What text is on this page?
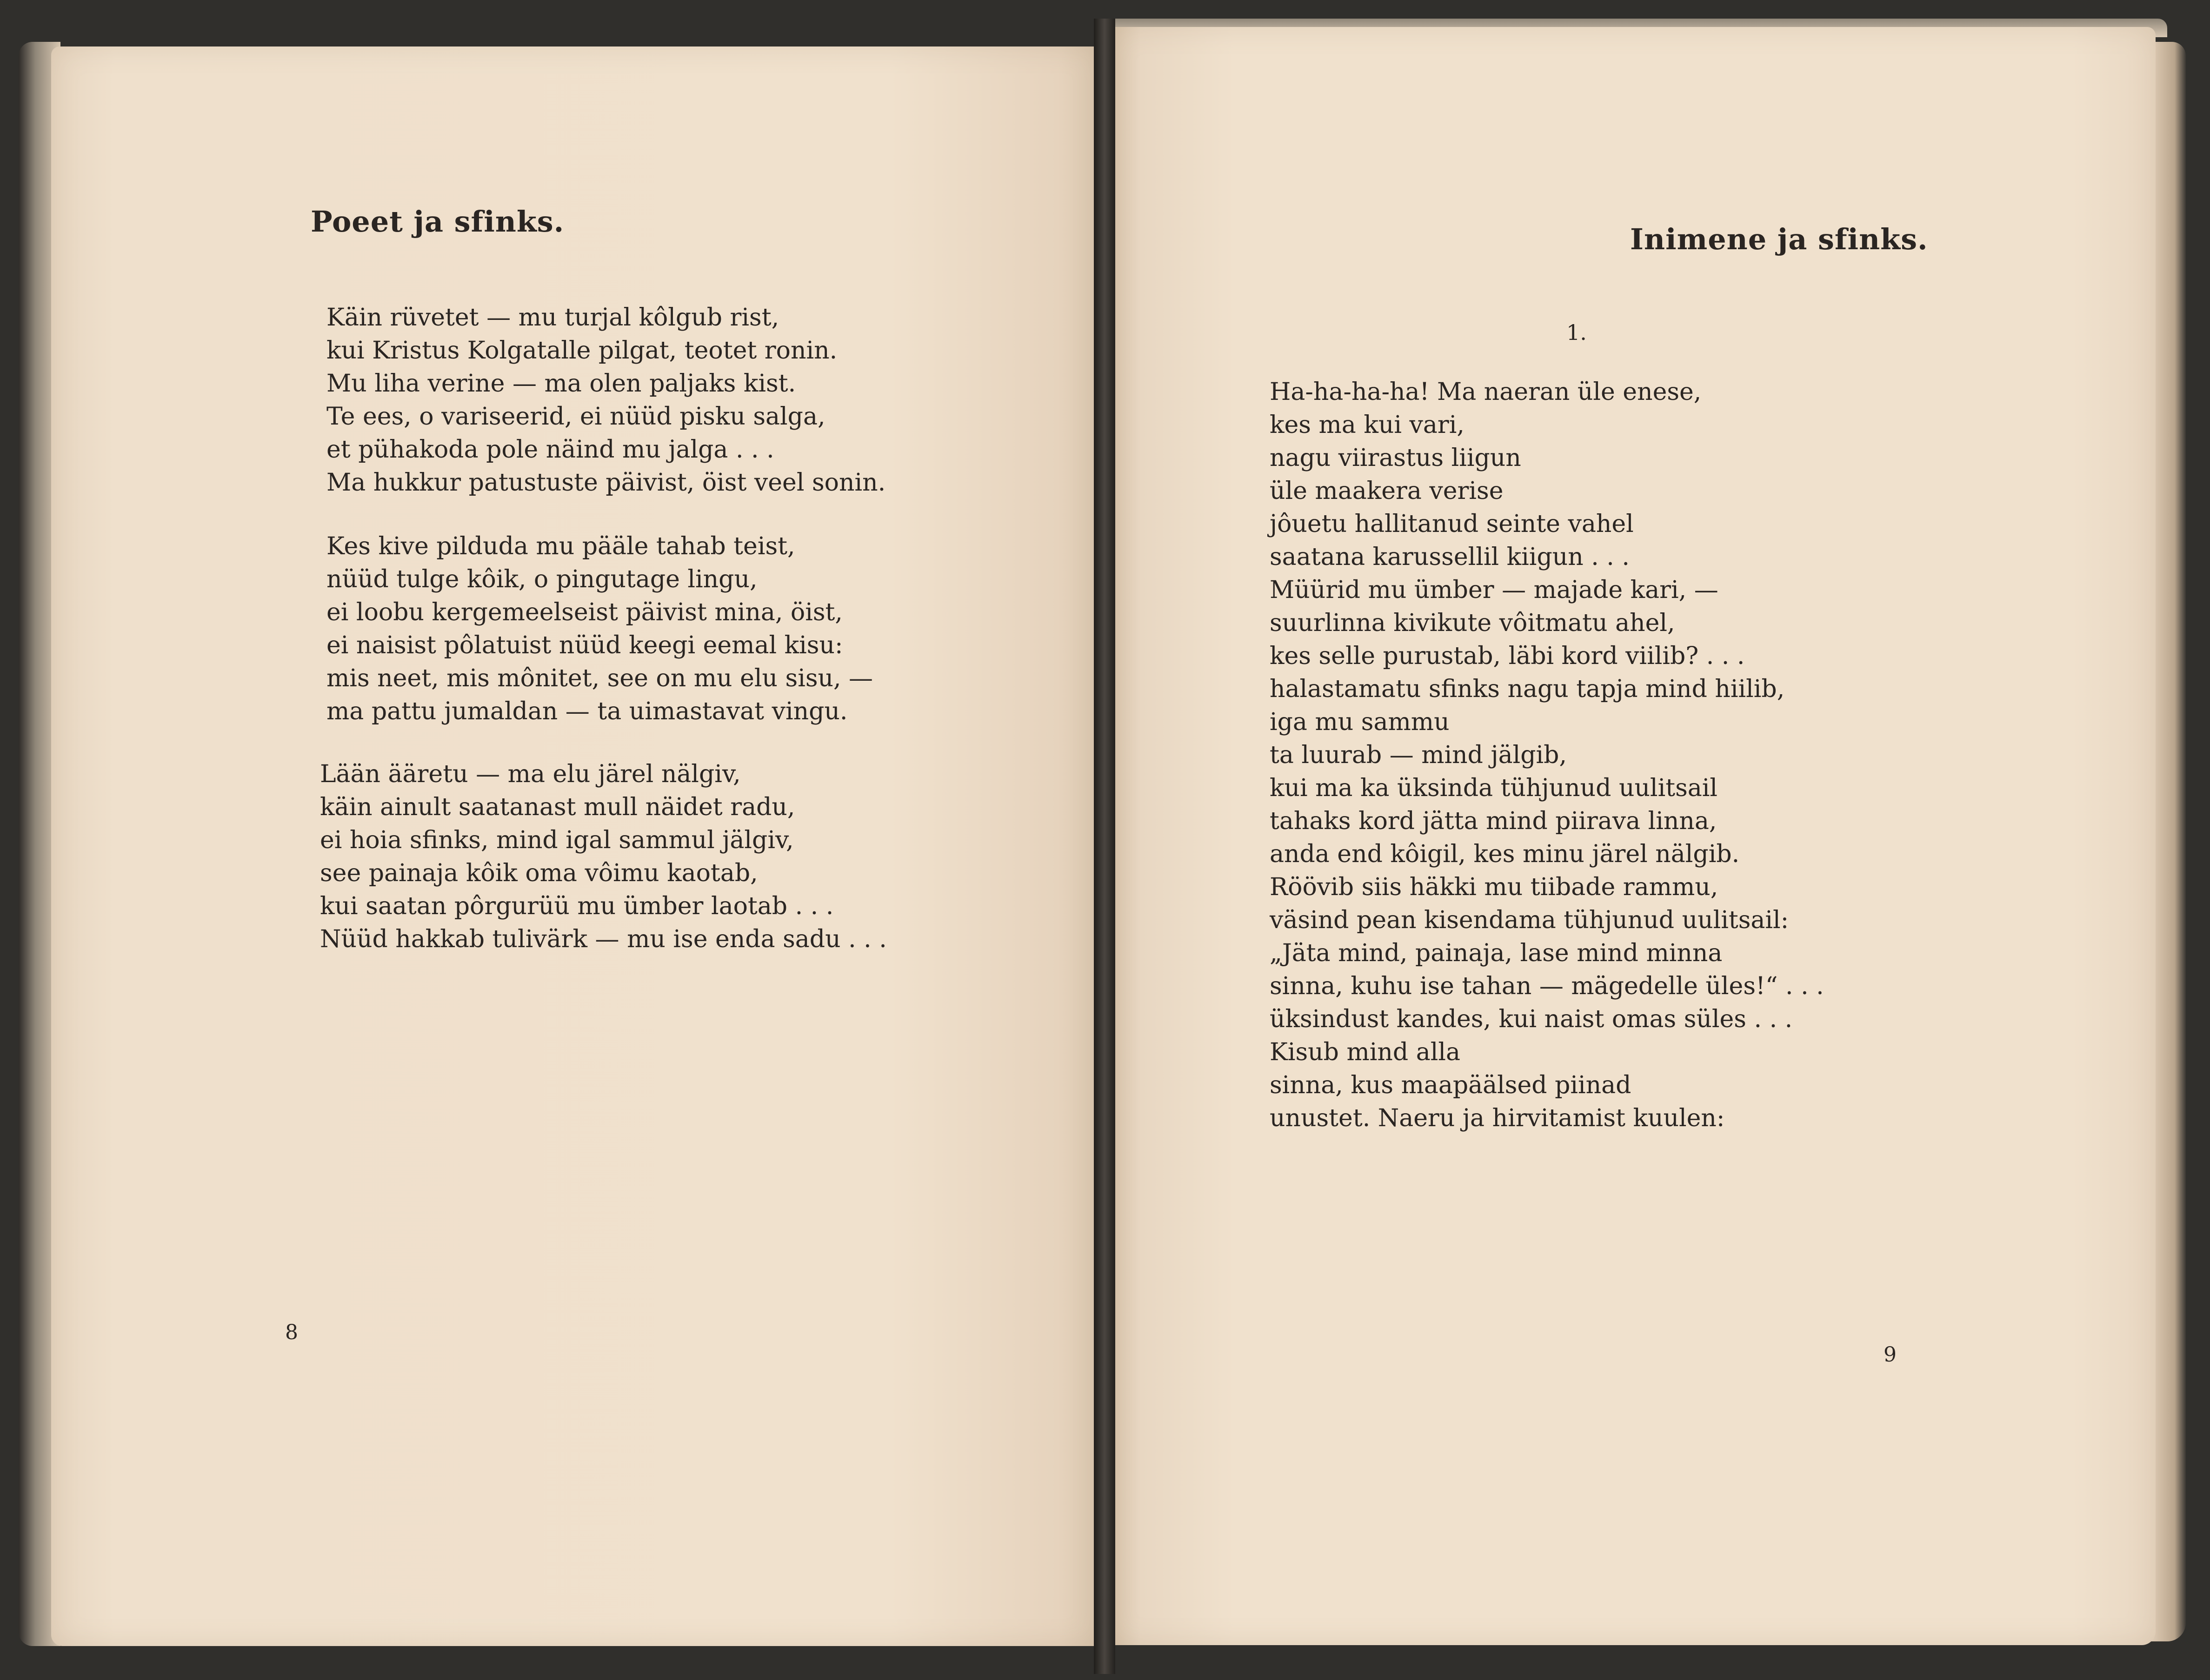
Poeet ja sfinks.
Käin rüvetet — mu turjal kôlgub rist,
kui Kristus Kolgatalle pilgat, teotet ronin.
Mu liha verine — ma olen paljaks kist.
Te ees, o variseerid, ei nüüd pisku salga,
et pühakoda pole näind mu jalga . . .
Ma hukkur patustuste päivist, öist veel sonin.
Kes kive pilduda mu pääle tahab teist,
nüüd tulge kôik, o pingutage lingu,
ei loobu kergemeelseist päivist mina, öist,
ei naisist pôlatuist nüüd keegi eemal kisu:
mis neet, mis mônitet, see on mu elu sisu, —
ma pattu jumaldan — ta uimastavat vingu.
Lään ääretu — ma elu järel nälgiv,
käin ainult saatanast mull näidet radu,
ei hoia sfinks, mind igal sammul jälgiv,
see painaja kôik oma vôimu kaotab,
kui saatan pôrgurüü mu ümber laotab . . .
Nüüd hakkab tulivärk — mu ise enda sadu . . .
8
Inimene ja sfinks.
1.
Ha-ha-ha-ha! Ma naeran üle enese,
kes ma kui vari,
nagu viirastus liigun
üle maakera verise
jôuetu hallitanud seinte vahel
saatana karussellil kiigun . . .
Müürid mu ümber — majade kari, —
suurlinna kivikute vôitmatu ahel,
kes selle purustab, läbi kord viilib? . . .
halastamatu sfinks nagu tapja mind hiilib,
iga mu sammu
ta luurab — mind jälgib,
kui ma ka üksinda tühjunud uulitsail
tahaks kord jätta mind piirava linna,
anda end kôigil, kes minu järel nälgib.
Röövib siis häkki mu tiibade rammu,
väsind pean kisendama tühjunud uulitsail:
„Jäta mind, painaja, lase mind minna
sinna, kuhu ise tahan — mägedelle üles!“ . . .
üksindust kandes, kui naist omas süles . . .
Kisub mind alla
sinna, kus maapäälsed piinad
unustet. Naeru ja hirvitamist kuulen:
9
